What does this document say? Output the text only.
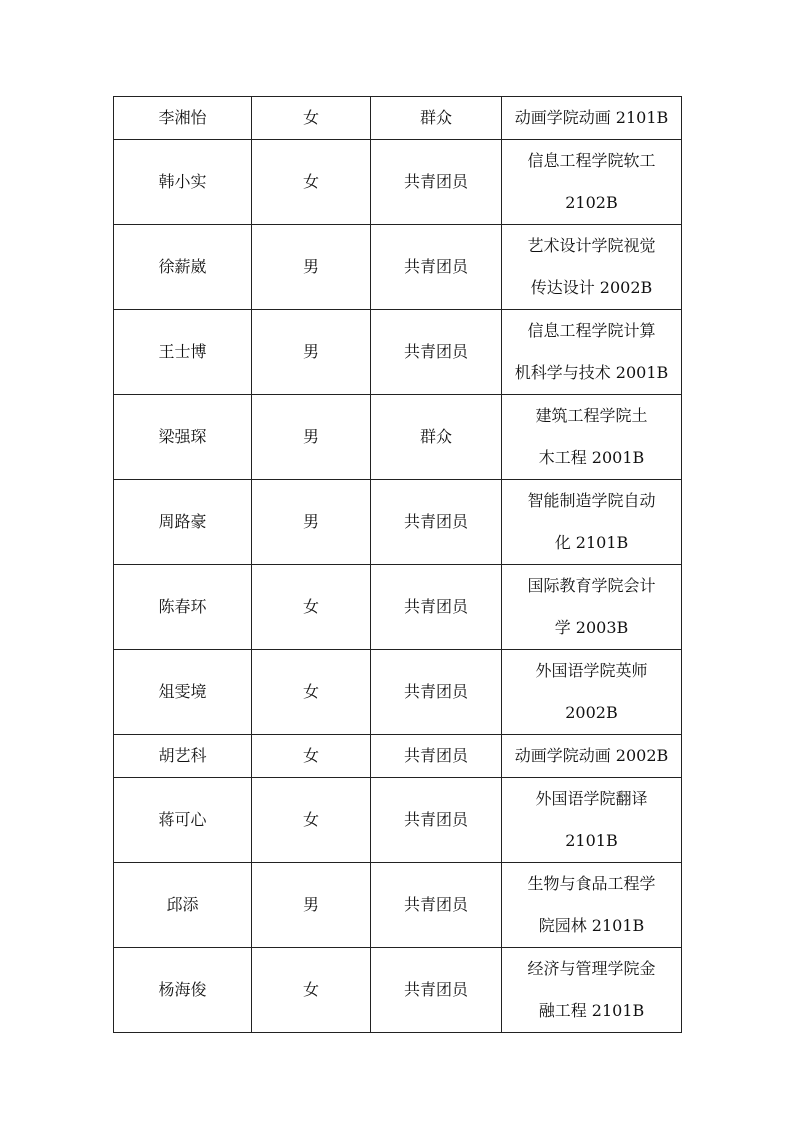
李湘怡	女	群众	动画学院动画 2101B

韩小实	女	共青团员	信息工程学院软工
2102B

徐薪崴	男	共青团员	艺术设计学院视觉
传达设计 2002B

王士博	男	共青团员	信息工程学院计算
机科学与技术 2001B

梁强琛	男	群众	建筑工程学院土
木工程 2001B

周路豪	男	共青团员	智能制造学院自动
化 2101B

陈春环	女	共青团员	国际教育学院会计
学 2003B

俎雯境	女	共青团员	外国语学院英师
2002B

胡艺科	女	共青团员	动画学院动画 2002B

蒋可心	女	共青团员	外国语学院翻译
2101B

邱添	男	共青团员	生物与食品工程学
院园林 2101B

杨海俊	女	共青团员	经济与管理学院金
融工程 2101B
